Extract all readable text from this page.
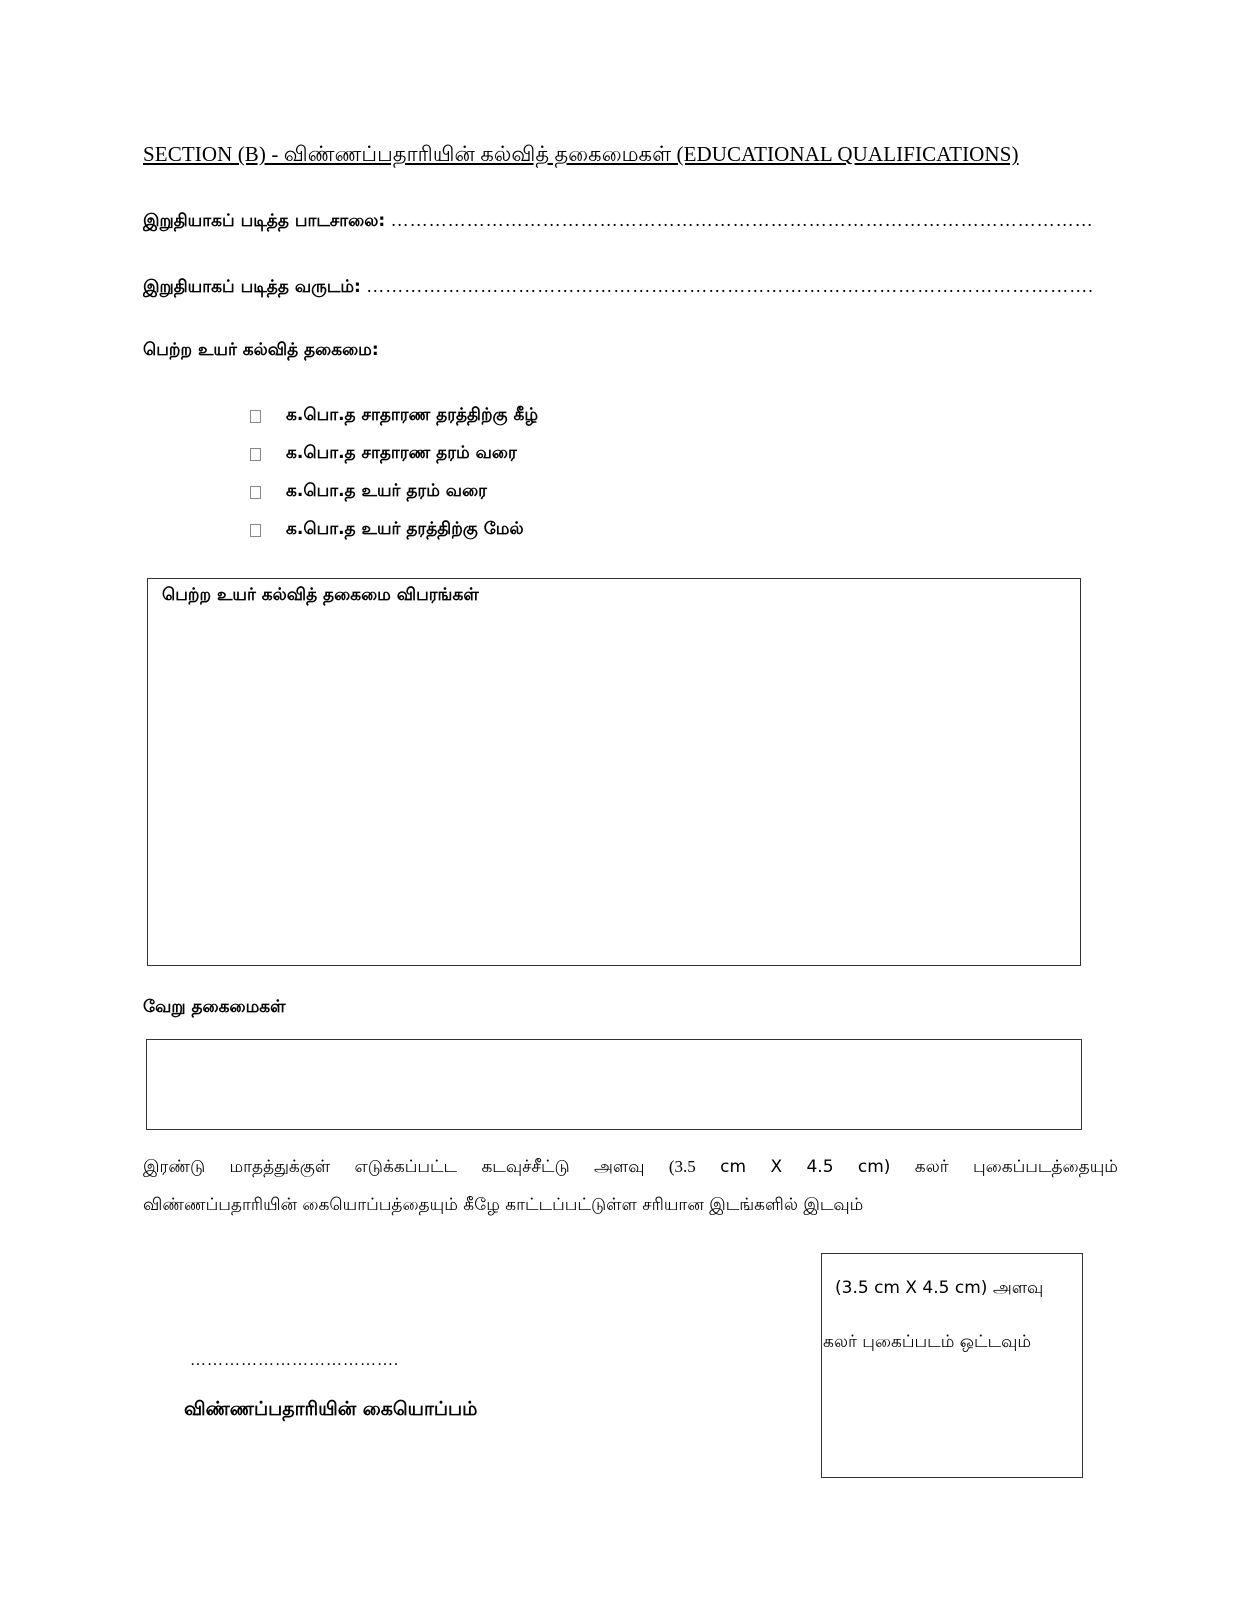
SECTION (B) - விண்ணப்பதாரியின் கல்வித் தகைமைகள் (EDUCATIONAL QUALIFICATIONS)
இறுதியாகப் படித்த பாடசாலை: …………………………………………………………………………………………………
இறுதியாகப் படித்த வருடம்: …………………………………………………………………………………………………….
பெற்ற உயர் கல்வித் தகைமை:
க.பொ.த சாதாரண தரத்திற்கு கீழ்
க.பொ.த சாதாரண தரம் வரை
க.பொ.த உயர் தரம் வரை
க.பொ.த உயர் தரத்திற்கு மேல்
பெற்ற உயர் கல்வித் தகைமை விபரங்கள்
வேறு தகைமைகள்
இரண்டு மாதத்துக்குள் எடுக்கப்பட்ட கடவுச்சீட்டு அளவு (3.5 cm X 4.5 cm) கலர் புகைப்படத்தையும்
விண்ணப்பதாரியின் கையொப்பத்தையும் கீழே காட்டப்பட்டுள்ள சரியான இடங்களில் இடவும்
(3.5 cm X 4.5 cm) அளவு
கலர் புகைப்படம் ஒட்டவும்
……………………………….
விண்ணப்பதாரியின் கையொப்பம்
